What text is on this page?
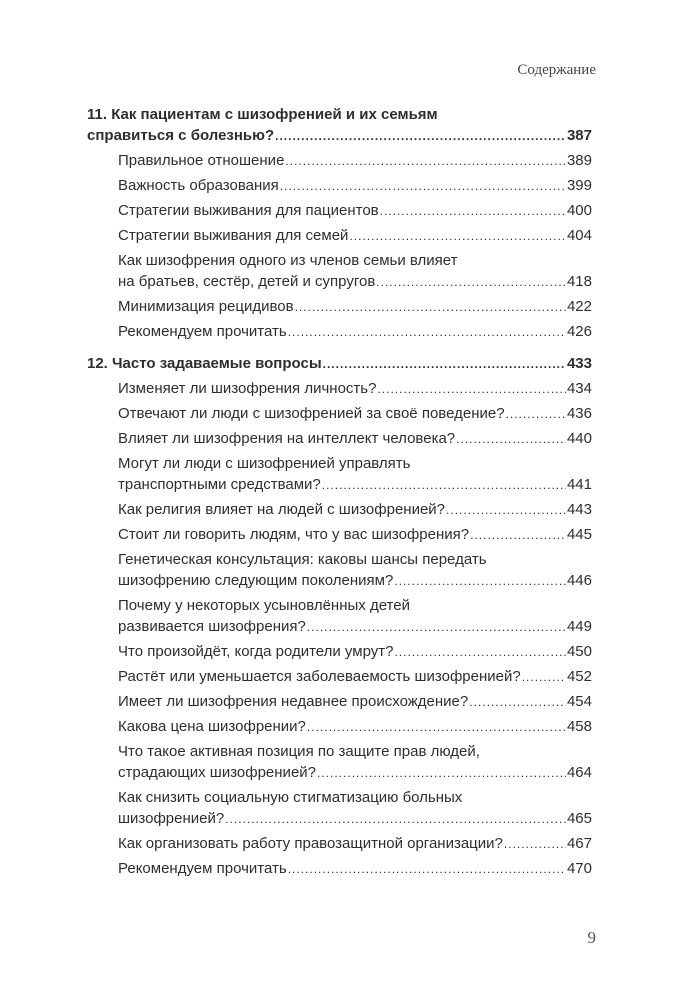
Содержание
11. Как пациентам с шизофренией и их семьям
справиться с болезнью? .....	387
Правильное отношение .....	389
Важность образования .....	399
Стратегии выживания для пациентов .....	400
Стратегии выживания для семей .....	404
Как шизофрения одного из членов семьи влияет
на братьев, сестёр, детей и супругов .....	418
Минимизация рецидивов .....	422
Рекомендуем прочитать .....	426
12. Часто задаваемые вопросы .....	433
Изменяет ли шизофрения личность? .....	434
Отвечают ли люди с шизофренией за своё поведение? .....	436
Влияет ли шизофрения на интеллект человека? .....	440
Могут ли люди с шизофренией управлять
транспортными средствами? .....	441
Как религия влияет на людей с шизофренией? .....	443
Стоит ли говорить людям, что у вас шизофрения? .....	445
Генетическая консультация: каковы шансы передать
шизофрению следующим поколениям? .....	446
Почему у некоторых усыновлённых детей
развивается шизофрения? .....	449
Что произойдёт, когда родители умрут? .....	450
Растёт или уменьшается заболеваемость шизофренией? .....	452
Имеет ли шизофрения недавнее происхождение? .....	454
Какова цена шизофрении? .....	458
Что такое активная позиция по защите прав людей,
страдающих шизофренией? .....	464
Как снизить социальную стигматизацию больных
шизофренией? .....	465
Как организовать работу правозащитной организации? .....	467
Рекомендуем прочитать .....	470
9
